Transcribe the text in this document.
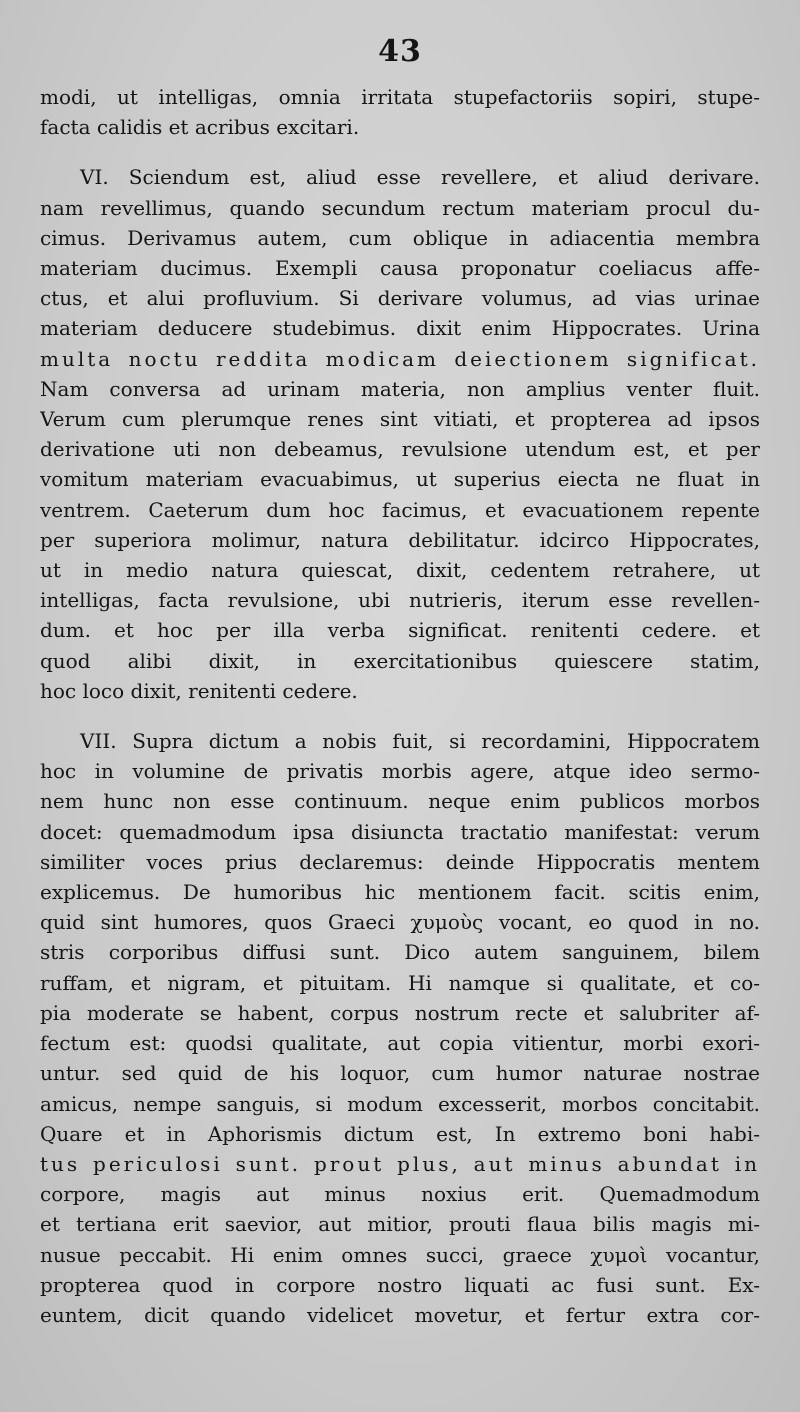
43
modi, ut intelligas, omnia irritata stupefactoriis sopiri, stupe-
facta calidis et acribus excitari.
VI. Sciendum est, aliud esse revellere, et aliud derivare.
nam revellimus, quando secundum rectum materiam procul du-
cimus. Derivamus autem, cum oblique in adiacentia membra
materiam ducimus. Exempli causa proponatur coeliacus affe-
ctus, et alui profluvium. Si derivare volumus, ad vias urinae
materiam deducere studebimus. dixit enim Hippocrates. Urina
multa noctu reddita modicam deiectionem significat.
Nam conversa ad urinam materia, non amplius venter fluit.
Verum cum plerumque renes sint vitiati, et propterea ad ipsos
derivatione uti non debeamus, revulsione utendum est, et per
vomitum materiam evacuabimus, ut superius eiecta ne fluat in
ventrem. Caeterum dum hoc facimus, et evacuationem repente
per superiora molimur, natura debilitatur. idcirco Hippocrates,
ut in medio natura quiescat, dixit, cedentem retrahere, ut
intelligas, facta revulsione, ubi nutrieris, iterum esse revellen-
dum. et hoc per illa verba significat. renitenti cedere. et
quod alibi dixit, in exercitationibus quiescere statim,
hoc loco dixit, renitenti cedere.
VII. Supra dictum a nobis fuit, si recordamini, Hippocratem
hoc in volumine de privatis morbis agere, atque ideo sermo-
nem hunc non esse continuum. neque enim publicos morbos
docet: quemadmodum ipsa disiuncta tractatio manifestat: verum
similiter voces prius declaremus: deinde Hippocratis mentem
explicemus. De humoribus hic mentionem facit. scitis enim,
quid sint humores, quos Graeci χυμοὺς vocant, eo quod in no.
stris corporibus diffusi sunt. Dico autem sanguinem, bilem
ruffam, et nigram, et pituitam. Hi namque si qualitate, et co-
pia moderate se habent, corpus nostrum recte et salubriter af-
fectum est: quodsi qualitate, aut copia vitientur, morbi exori-
untur. sed quid de his loquor, cum humor naturae nostrae
amicus, nempe sanguis, si modum excesserit, morbos concitabit.
Quare et in Aphorismis dictum est, In extremo boni habi-
tus periculosi sunt. prout plus, aut minus abundat in
corpore, magis aut minus noxius erit. Quemadmodum
et tertiana erit saevior, aut mitior, prouti flaua bilis magis mi-
nusue peccabit. Hi enim omnes succi, graece χυμοὶ vocantur,
propterea quod in corpore nostro liquati ac fusi sunt. Ex-
euntem, dicit quando videlicet movetur, et fertur extra cor-
